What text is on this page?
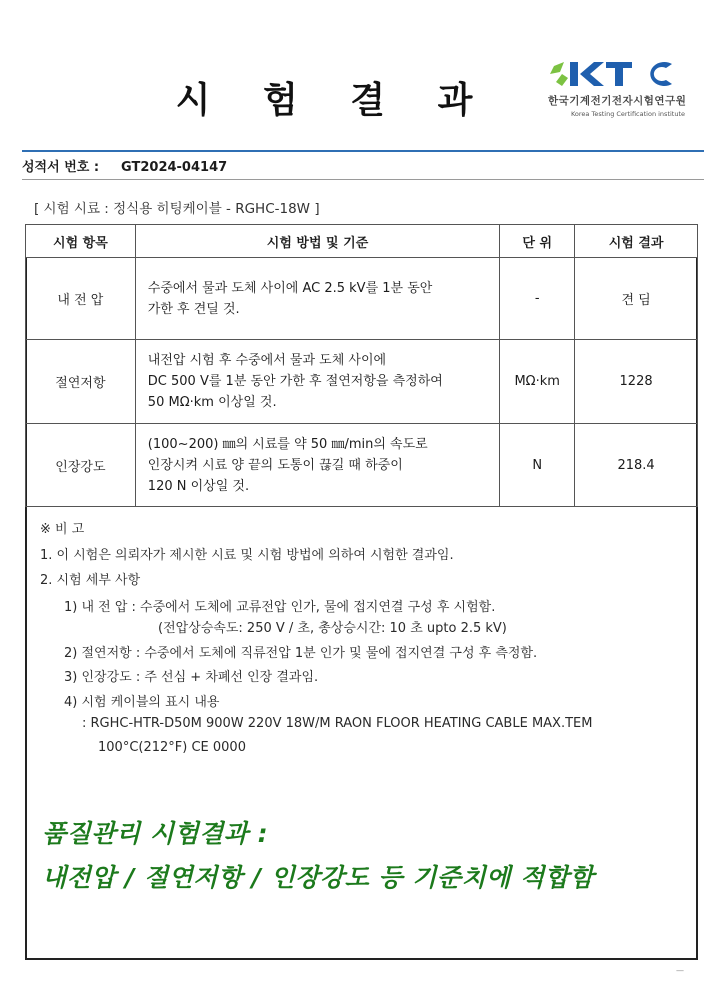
시 험 결 과	한국기계전기전자시험연구원
Korea Testing Certification institute
성적서 번호 : GT2024-04147
[ 시험 시료 : 정식용 히팅케이블 - RGHC-18W ]
시험 항목	시험 방법 및 기준	단 위	시험 결과
내 전 압	수중에서 물과 도체 사이에 AC 2.5 kV를 1분 동안
가한 후 견딜 것.	-	견 딤
절연저항	내전압 시험 후 수중에서 물과 도체 사이에
DC 500 V를 1분 동안 가한 후 절연저항을 측정하여
50 MΩ·km 이상일 것.	MΩ·km	1228
인장강도	(100~200) ㎜의 시료를 약 50 ㎜/min의 속도로
인장시켜 시료 양 끝의 도통이 끊길 때 하중이
120 N 이상일 것.	N	218.4
※ 비 고
1. 이 시험은 의뢰자가 제시한 시료 및 시험 방법에 의하여 시험한 결과임.
2. 시험 세부 사항
1) 내 전 압 : 수중에서 도체에 교류전압 인가, 물에 접지연결 구성 후 시험함.
(전압상승속도: 250 V / 초, 총상승시간: 10 초 upto 2.5 kV)
2) 절연저항 : 수중에서 도체에 직류전압 1분 인가 및 물에 접지연결 구성 후 측정함.
3) 인장강도 : 주 선심 + 차폐선 인장 결과임.
4) 시험 케이블의 표시 내용
: RGHC-HTR-D50M 900W 220V 18W/M RAON FLOOR HEATING CABLE MAX.TEM
100°C(212°F) CE 0000
품질관리 시험결과 :
내전압 / 절연저항 / 인장강도 등 기준치에 적합함
—
